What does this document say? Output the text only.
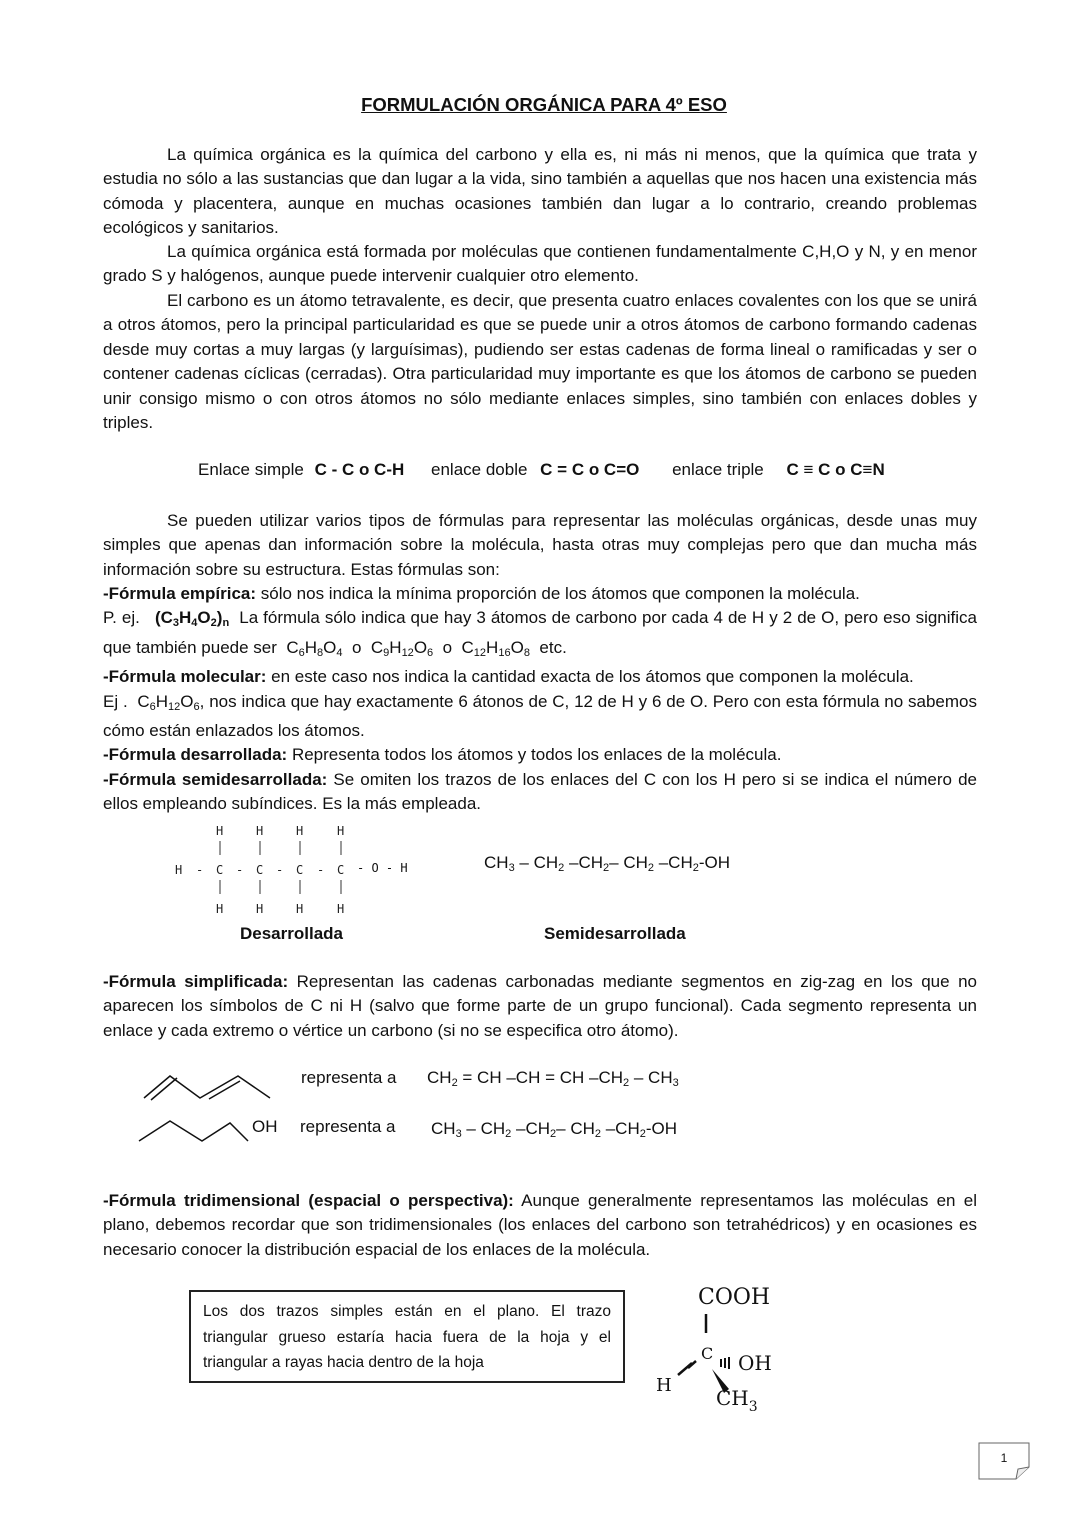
FORMULACIÓN ORGÁNICA PARA 4º ESO
La química orgánica es la química del carbono y ella es, ni más ni menos, que la química que trata y estudia no sólo a las sustancias que dan lugar a la vida, sino también a aquellas que nos hacen una existencia más cómoda y placentera, aunque en muchas ocasiones también dan lugar a lo contrario, creando problemas ecológicos y sanitarios.
La química orgánica está formada por moléculas que contienen fundamentalmente C,H,O y N, y en menor grado S y halógenos, aunque puede intervenir cualquier otro elemento.
El carbono es un átomo tetravalente, es decir, que presenta cuatro enlaces covalentes con los que se unirá a otros átomos, pero la principal particularidad es que se puede unir a otros átomos de carbono formando cadenas desde muy cortas a muy largas (y larguísimas), pudiendo ser estas cadenas de forma lineal o ramificadas y ser o contener cadenas cíclicas (cerradas). Otra particularidad muy importante es que los átomos de carbono se pueden unir consigo mismo o con otros átomos no sólo mediante enlaces simples, sino también con enlaces dobles y triples.
Enlace simple C - C o C-H enlace doble C = C o C=O enlace triple C ≡ C o C≡N
Se pueden utilizar varios tipos de fórmulas para representar las moléculas orgánicas, desde unas muy simples que apenas dan información sobre la molécula, hasta otras muy complejas pero que dan mucha más información sobre su estructura. Estas fórmulas son:
-Fórmula empírica: sólo nos indica la mínima proporción de los átomos que componen la molécula.
P. ej. $(C_3H_4O_2)_n$ La fórmula sólo indica que hay 3 átomos de carbono por cada 4 de H y 2 de O, pero eso significa que también puede ser  $C_6H_8O_4$  o  $C_9H_{12}O_6$  o  $C_{12}H_{16}O_8$ etc.
-Fórmula molecular: en este caso nos indica la cantidad exacta de los átomos que componen la molécula.
Ej .  $C_6H_{12}O_6$, nos indica que hay exactamente 6 átonos de C, 12 de H y 6 de O. Pero con esta fórmula no sabemos cómo están enlazados los átomos.
-Fórmula desarrollada: Representa todos los átomos y todos los enlaces de la molécula.
-Fórmula semidesarrollada: Se omiten los trazos de los enlaces del C con los H pero si se indica el número de ellos empleando subíndices. Es la más empleada.
H	H	H	H
H - C - C - C - C
H	H	H	H
- O - H	$CH_3 - CH_2$ $-CH_2-$ $CH_2$ $-CH_2-OH$
Desarrollada	Semidesarrollada
-Fórmula simplificada: Representan las cadenas carbonadas mediante segmentos en zig-zag en los que no aparecen los símbolos de C ni H (salvo que forme parte de un grupo funcional). Cada segmento representa un enlace y cada extremo o vértice un carbono (si no se especifica otro átomo).
representa a $CH_2$ = CH –CH = CH $-CH_2 - CH_3$
OH representa a $CH_3 - CH_2$ $-CH_2-$ $CH_2$ $-CH_2-OH$
-Fórmula tridimensional (espacial o perspectiva): Aunque generalmente representamos las moléculas en el plano, debemos recordar que son tridimensionales (los enlaces del carbono son tetrahédricos) y en ocasiones es necesario conocer la distribución espacial de los enlaces de la molécula.
Los dos trazos simples están en el plano. El trazo triangular grueso estaría hacia fuera de la hoja y el triangular a rayas hacia dentro de la hoja
COOH
C OH
H
$CH_3$
1
